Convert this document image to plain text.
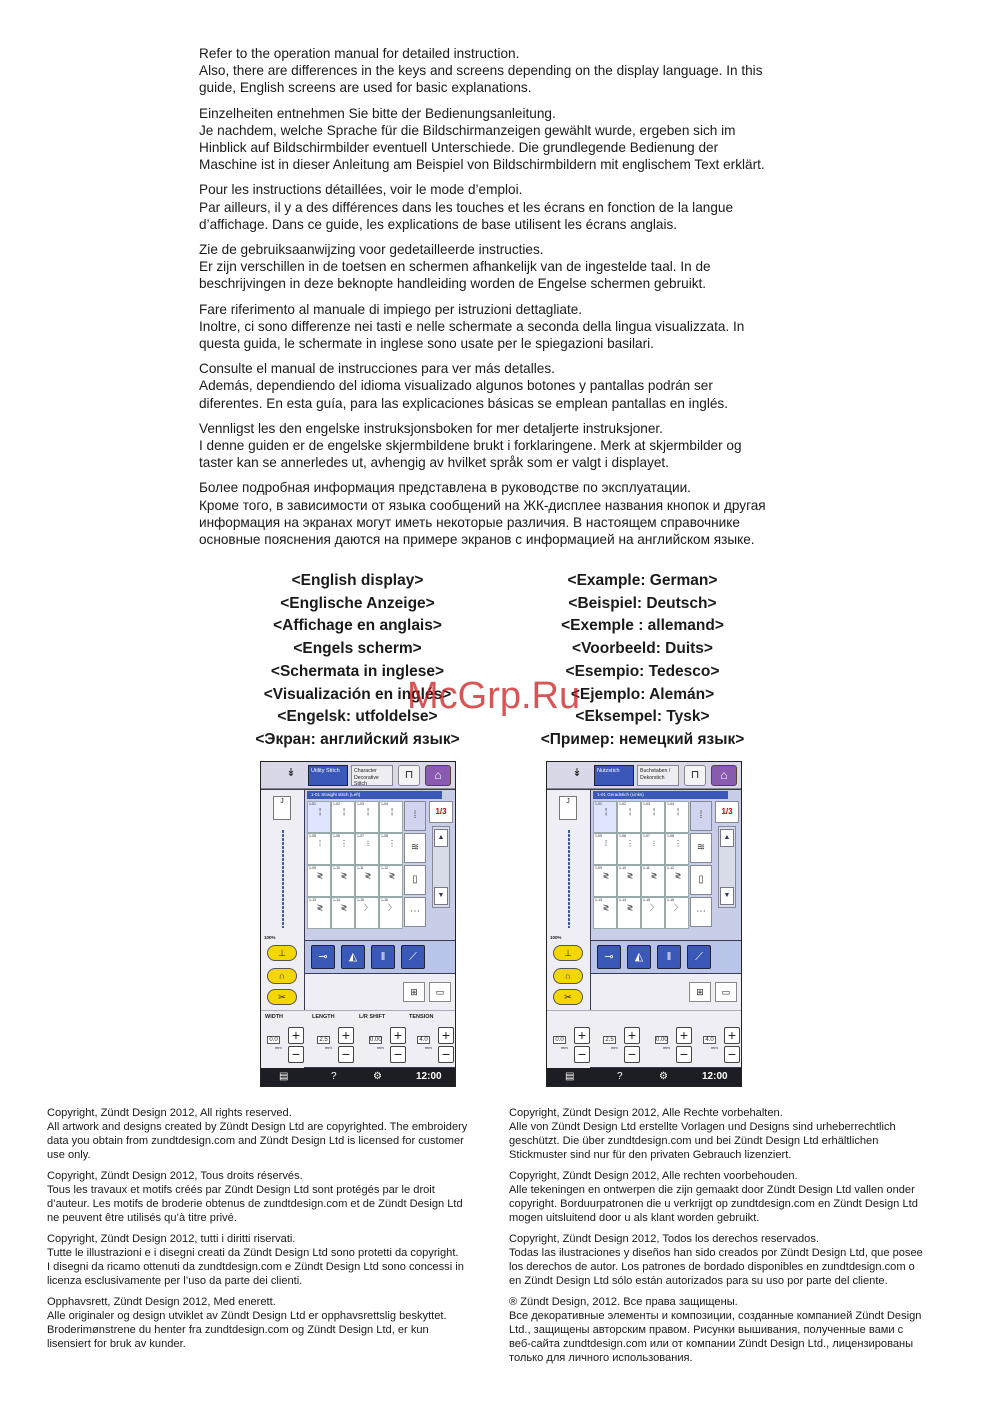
Refer to the operation manual for detailed instruction.
Also, there are differences in the keys and screens depending on the display language. In this
guide, English screens are used for basic explanations.

Einzelheiten entnehmen Sie bitte der Bedienungsanleitung.
Je nachdem, welche Sprache für die Bildschirmanzeigen gewählt wurde, ergeben sich im
Hinblick auf Bildschirmbilder eventuell Unterschiede. Die grundlegende Bedienung der
Maschine ist in dieser Anleitung am Beispiel von Bildschirmbildern mit englischem Text erklärt.

Pour les instructions détaillées, voir le mode d’emploi.
Par ailleurs, il y a des différences dans les touches et les écrans en fonction de la langue
d’affichage. Dans ce guide, les explications de base utilisent les écrans anglais.

Zie de gebruiksaanwijzing voor gedetailleerde instructies.
Er zijn verschillen in de toetsen en schermen afhankelijk van de ingestelde taal. In de
beschrijvingen in deze beknopte handleiding worden de Engelse schermen gebruikt.

Fare riferimento al manuale di impiego per istruzioni dettagliate.
Inoltre, ci sono differenze nei tasti e nelle schermate a seconda della lingua visualizzata. In
questa guida, le schermate in inglese sono usate per le spiegazioni basilari.

Consulte el manual de instrucciones para ver más detalles.
Además, dependiendo del idioma visualizado algunos botones y pantallas podrán ser
diferentes. En esta guía, para las explicaciones básicas se emplean pantallas en inglés.

Vennligst les den engelske instruksjonsboken for mer detaljerte instruksjoner.
I denne guiden er de engelske skjermbildene brukt i forklaringene. Merk at skjermbilder og
taster kan se annerledes ut, avhengig av hvilket språk som er valgt i displayet.

Более подробная информация представлена в руководстве по эксплуатации.
Кроме того, в зависимости от языка сообщений на ЖК-дисплее названия кнопок и другая
информация на экранах могут иметь некоторые различия. В настоящем справочнике
основные пояснения даются на примере экранов с информацией на английском языке.

<English display>
<Englische Anzeige>
<Affichage en anglais>
<Engels scherm>
<Schermata in inglese>
<Visualización en inglés>
<Engelsk: utfoldelse>
<Экран: английский язык>
<Example: German>
<Beispiel: Deutsch>
<Exemple : allemand>
<Voorbeeld: Duits>
<Esempio: Tedesco>
<Ejemplo: Alemán>
<Eksempel: Tysk>
<Пример: немецкий язык>
McGrp.Ru
↡	Utility Stitch	Character Decorative Stitch
⊓	⌂
J
100%
⊥
∩
✂
1-01 Straight stitch (Left)
1-01
¦
1-02
¦
1-03
¦
1-04
¦
1-05
⁞
1-06
⋮
1-07
⁝
1-08
⋮
1-09
≷
1-10
≷
1-11
≷
1-12
≷
1-13
≷
1-14
≷
1-15
〉
1-16
〉
⁞
≋
▯
⋯
1/3
▲
▼
⊸	◭	‖	⟋
⊞	▭
WIDTH
0.0 +
−
mm
LENGTH
2.5 +
−
mm
L/R SHIFT
0.00 +
−
mm
TENSION
4.0 +
−
mm
▤	?	⚙	12:00
↡	Nutzstich	Buchstaben / Dekorstich	⊓	⌂
J
100%
⊥
∩
✂
1-01 Geradstich (Links)
1-01
¦
1-02
¦
1-03
¦
1-04
¦
1-05
⁞
1-06
⋮
1-07
⁝
1-08
⋮
1-09
≷
1-10
≷
1-11
≷
1-12
≷
1-13
≷
1-14
≷
1-15
〉
1-16
〉
⁞
≋
▯
⋯
1/3
▲
▼
⊸	◭	‖	⟋
⊞	▭
0.0 +
−
mm
2.5 +
−
mm
0.00 +
−
mm
4.0 +
−
mm
▤	?	⚙	12:00

Copyright, Zündt Design 2012, All rights reserved.
All artwork and designs created by Zündt Design Ltd are copyrighted. The embroidery
data you obtain from zundtdesign.com and Zündt Design Ltd is licensed for customer
use only.

Copyright, Zündt Design 2012, Tous droits réservés.
Tous les travaux et motifs créés par Zündt Design Ltd sont protégés par le droit
d’auteur. Les motifs de broderie obtenus de zundtdesign.com et de Zündt Design Ltd
ne peuvent être utilisés qu’à titre privé.

Copyright, Zündt Design 2012, tutti i diritti riservati.
Tutte le illustrazioni e i disegni creati da Zündt Design Ltd sono protetti da copyright.
I disegni da ricamo ottenuti da zundtdesign.com e Zündt Design Ltd sono concessi in
licenza esclusivamente per l’uso da parte dei clienti.

Opphavsrett, Zündt Design 2012, Med enerett.
Alle originaler og design utviklet av Zündt Design Ltd er opphavsrettslig beskyttet.
Broderimønstrene du henter fra zundtdesign.com og Zündt Design Ltd, er kun
lisensiert for bruk av kunder.

Copyright, Zündt Design 2012, Alle Rechte vorbehalten.
Alle von Zündt Design Ltd erstellte Vorlagen und Designs sind urheberrechtlich
geschützt. Die über zundtdesign.com und bei Zündt Design Ltd erhältlichen
Stickmuster sind nur für den privaten Gebrauch lizenziert.

Copyright, Zündt Design 2012, Alle rechten voorbehouden.
Alle tekeningen en ontwerpen die zijn gemaakt door Zündt Design Ltd vallen onder
copyright. Borduurpatronen die u verkrijgt op zundtdesign.com en Zündt Design Ltd
mogen uitsluitend door u als klant worden gebruikt.

Copyright, Zündt Design 2012, Todos los derechos reservados.
Todas las ilustraciones y diseños han sido creados por Zündt Design Ltd, que posee
los derechos de autor. Los patrones de bordado disponibles en zundtdesign.com o
en Zündt Design Ltd sólo están autorizados para su uso por parte del cliente.

® Zündt Design, 2012. Все права защищены.
Все декоративные элементы и композиции, созданные компанией Zündt Design
Ltd., защищены авторским правом. Рисунки вышивания, полученные вами с
веб-сайта zundtdesign.com или от компании Zündt Design Ltd., лицензированы
только для личного использования.
